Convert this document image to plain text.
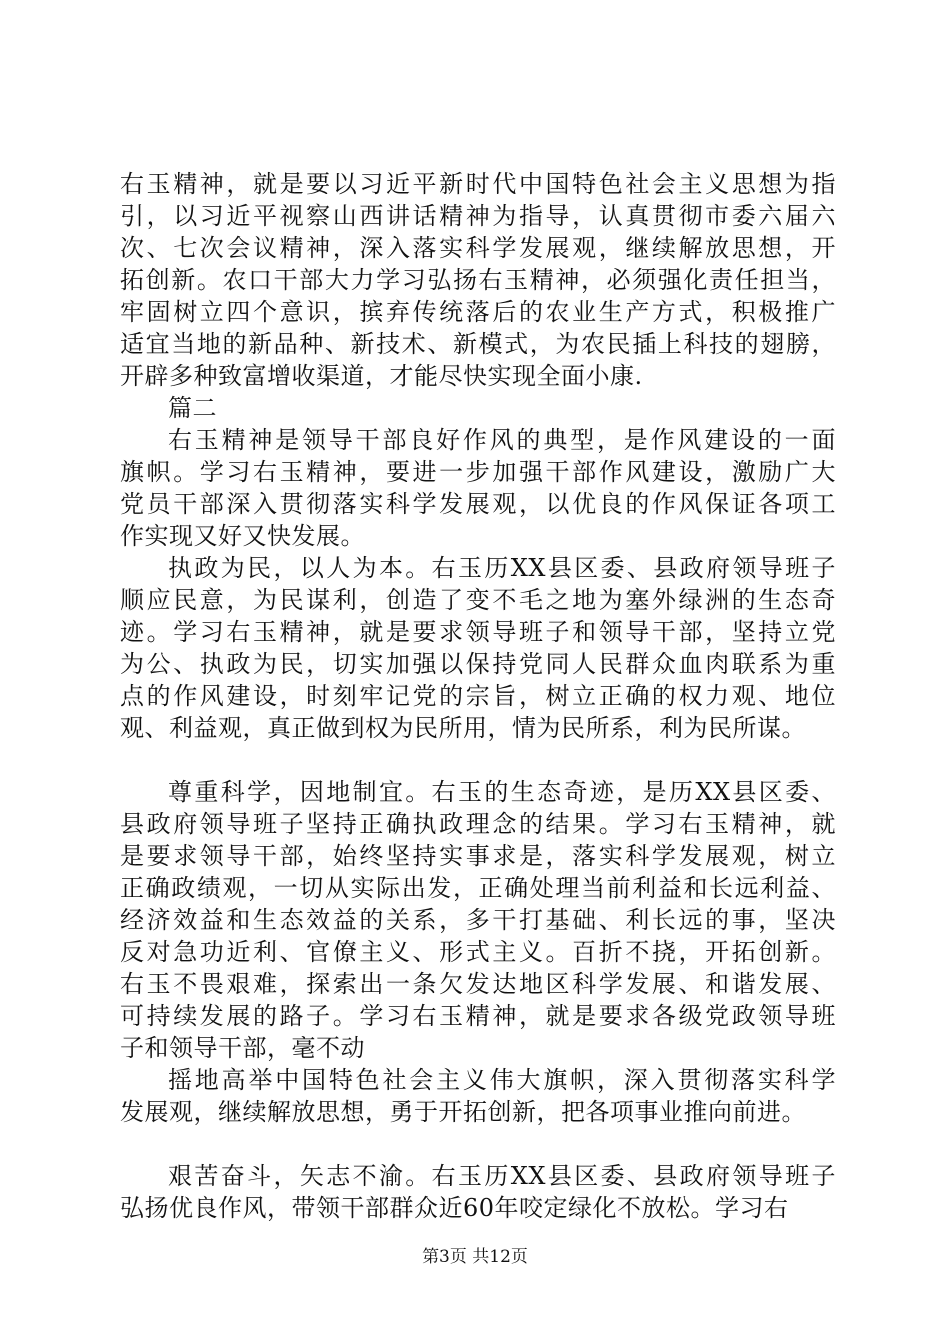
右玉精神，就是要以习近平新时代中国特色社会主义思想为指
引，以习近平视察山西讲话精神为指导，认真贯彻市委六届六
次、七次会议精神，深入落实科学发展观，继续解放思想，开
拓创新。农口干部大力学习弘扬右玉精神，必须强化责任担当，
牢固树立四个意识，摈弃传统落后的农业生产方式，积极推广
适宜当地的新品种、新技术、新模式，为农民插上科技的翅膀，
开辟多种致富增收渠道，才能尽快实现全面小康.
篇二
右玉精神是领导干部良好作风的典型，是作风建设的一面
旗帜。学习右玉精神，要进一步加强干部作风建设，激励广大
党员干部深入贯彻落实科学发展观，以优良的作风保证各项工
作实现又好又快发展。
执政为民，以人为本。右玉历XX县区委、县政府领导班子
顺应民意，为民谋利，创造了变不毛之地为塞外绿洲的生态奇
迹。学习右玉精神，就是要求领导班子和领导干部，坚持立党
为公、执政为民，切实加强以保持党同人民群众血肉联系为重
点的作风建设，时刻牢记党的宗旨，树立正确的权力观、地位
观、利益观，真正做到权为民所用，情为民所系，利为民所谋。
尊重科学，因地制宜。右玉的生态奇迹，是历XX县区委、
县政府领导班子坚持正确执政理念的结果。学习右玉精神，就
是要求领导干部，始终坚持实事求是，落实科学发展观，树立
正确政绩观，一切从实际出发，正确处理当前利益和长远利益、
经济效益和生态效益的关系，多干打基础、利长远的事，坚决
反对急功近利、官僚主义、形式主义。百折不挠，开拓创新。
右玉不畏艰难，探索出一条欠发达地区科学发展、和谐发展、
可持续发展的路子。学习右玉精神，就是要求各级党政领导班
子和领导干部，毫不动
摇地高举中国特色社会主义伟大旗帜，深入贯彻落实科学
发展观，继续解放思想，勇于开拓创新，把各项事业推向前进。
艰苦奋斗，矢志不渝。右玉历XX县区委、县政府领导班子
弘扬优良作风，带领干部群众近60年咬定绿化不放松。学习右
第3页 共12页
